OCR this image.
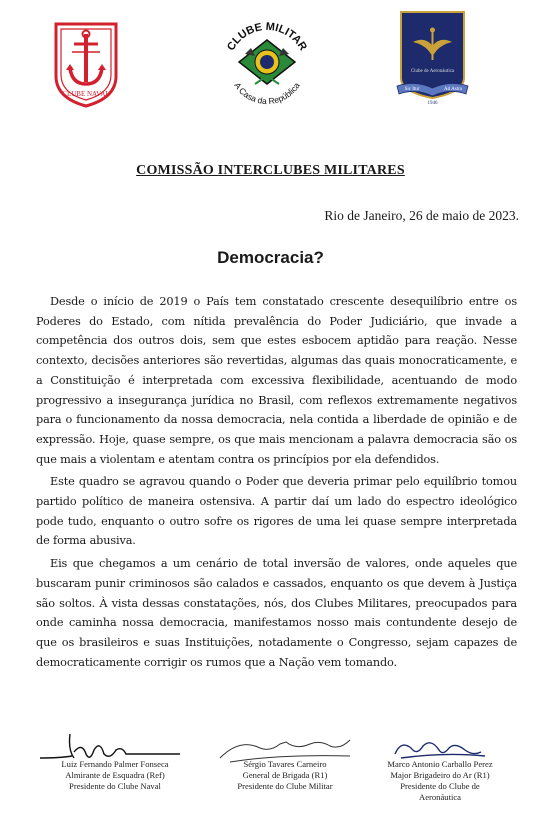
CLUBE NAVAL
CLUBE MILITAR
A Casa da República
Clube de Aeronáutica
Sic Itur	Ad Astra
1946
COMISSÃO INTERCLUBES MILITARES
Rio de Janeiro, 26 de maio de 2023.
Democracia?

Desde o início de 2019 o País tem constatado crescente desequilíbrio entre os Poderes do Estado, com nítida prevalência do Poder Judiciário, que invade a competência dos outros dois, sem que estes esbocem aptidão para reação. Nesse contexto, decisões anteriores são revertidas, algumas das quais monocraticamente, e a Constituição é interpretada com excessiva flexibilidade, acentuando de modo progressivo a insegurança jurídica no Brasil, com reflexos extremamente negativos para o funcionamento da nossa democracia, nela contida a liberdade de opinião e de expressão. Hoje, quase sempre, os que mais mencionam a palavra democracia são os que mais a violentam e atentam contra os princípios por ela defendidos.

Este quadro se agravou quando o Poder que deveria primar pelo equilíbrio tomou partido político de maneira ostensiva. A partir daí um lado do espectro ideológico pode tudo, enquanto o outro sofre os rigores de uma lei quase sempre interpretada de forma abusiva.

Eis que chegamos a um cenário de total inversão de valores, onde aqueles que buscaram punir criminosos são calados e cassados, enquanto os que devem à Justiça são soltos. À vista dessas constatações, nós, dos Clubes Militares, preocupados para onde caminha nossa democracia, manifestamos nosso mais contundente desejo de que os brasileiros e suas Instituições, notadamente o Congresso, sejam capazes de democraticamente corrigir os rumos que a Nação vem tomando.

Luiz Fernando Palmer Fonseca
Almirante de Esquadra (Ref)
Presidente do Clube Naval
Sérgio Tavares Carneiro
General de Brigada (R1)
Presidente do Clube Militar
Marco Antonio Carballo Perez
Major Brigadeiro do Ar (R1)
Presidente do Clube de
Aeronáutica
